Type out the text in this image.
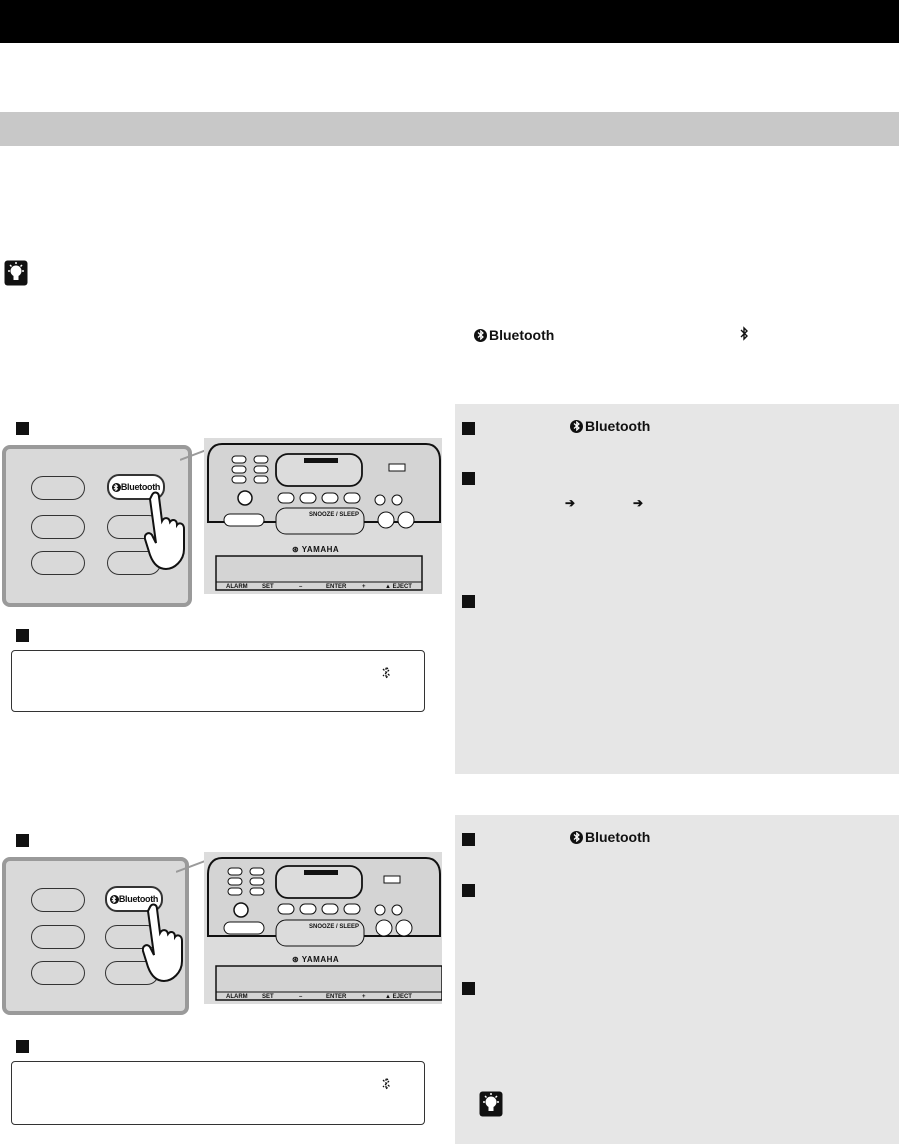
Bluetooth
Bluetooth
SNOOZE / SLEEP
⊛ YAMAHA
ALARM SET	–	ENTER	+	▲ EJECT
Bluetooth
➔	➔
Bluetooth
SNOOZE / SLEEP
⊛ YAMAHA
ALARM SET	–	ENTER	+	▲ EJECT
Bluetooth
